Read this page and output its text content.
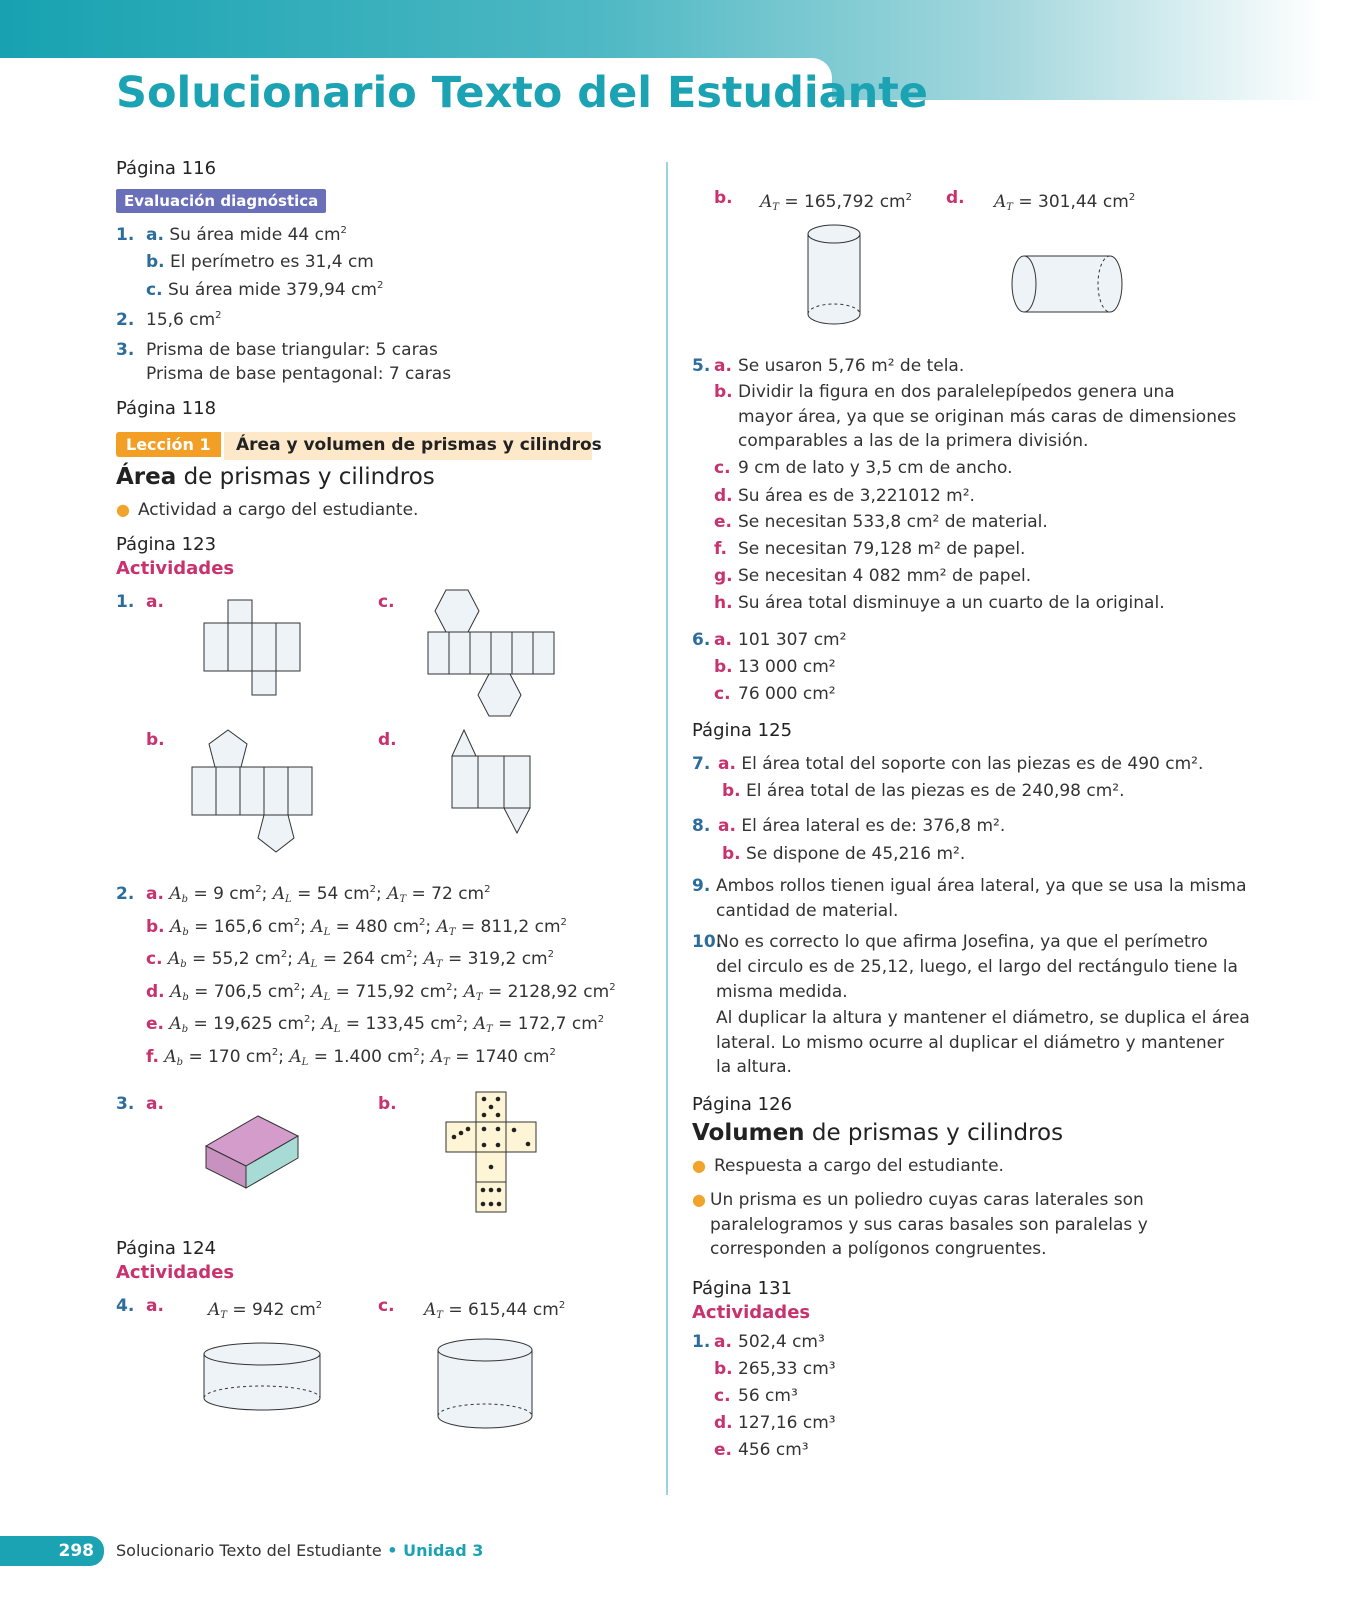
Solucionario Texto del Estudiante
Página 116
Evaluación diagnóstica
1. a. Su área mide 44 $cm^2$
b. El perímetro es 31,4 cm
c. Su área mide 379,94 $cm^2$
2. 15,6 $cm^2$
3. Prisma de base triangular: 5 caras
Prisma de base pentagonal: 7 caras
Página 118
Lección 1	Área y volumen de prismas y cilindros
Área de prismas y cilindros
● Actividad a cargo del estudiante.
Página 123
Actividades
1. a.	c.
b.	d.
2. a. $A_b = 9$ $cm^2$; $A_L = 54$ $cm^2$; $A_T = 72$ $cm^2$
b. $A_b = 165,6$ $cm^2$; $A_L = 480$ $cm^2$; $A_T = 811,2$ $cm^2$
c. $A_b = 55,2$ $cm^2$; $A_L = 264$ $cm^2$; $A_T = 319,2$ $cm^2$
d. $A_b = 706,5$ $cm^2$; $A_L = 715,92$ $cm^2$; $A_T = 2128,92$ $cm^2$
e. $A_b = 19,625$ $cm^2$; $A_L = 133,45$ $cm^2$; $A_T = 172,7$ $cm^2$
f. $A_b = 170$ $cm^2$; $A_L = 1.400$ $cm^2$; $A_T = 1740$ $cm^2$
3. a.	b.
Página 124
Actividades
4. a.	$A_T = 942$ $cm^2$	c. $A_T = 615,44$ $cm^2$
b. $A_T = 165,792$ $cm^2$ d. $A_T = 301,44$ $cm^2$
5. a. Se usaron 5,76 m² de tela.
b. Dividir la figura en dos paralelepípedos genera una
mayor área, ya que se originan más caras de dimensiones
comparables a las de la primera división.
c. 9 cm de lato y 3,5 cm de ancho.
d. Su área es de 3,221012 m².
e. Se necesitan 533,8 cm² de material.
f. Se necesitan 79,128 m² de papel.
g. Se necesitan 4 082 mm² de papel.
h. Su área total disminuye a un cuarto de la original.
6. a. 101 307 cm²
b. 13 000 cm²
c. 76 000 cm²
Página 125
7. a. El área total del soporte con las piezas es de 490 cm².
b. El área total de las piezas es de 240,98 cm².
8. a. El área lateral es de: 376,8 m².
b. Se dispone de 45,216 m².
9. Ambos rollos tienen igual área lateral, ya que se usa la misma
cantidad de material.
10.
No es correcto lo que afirma Josefina, ya que el perímetro
del circulo es de 25,12, luego, el largo del rectángulo tiene la
misma medida.
Al duplicar la altura y mantener el diámetro, se duplica el área
lateral. Lo mismo ocurre al duplicar el diámetro y mantener
la altura.
Página 126
Volumen de prismas y cilindros
● Respuesta a cargo del estudiante.
● Un prisma es un poliedro cuyas caras laterales son
paralelogramos y sus caras basales son paralelas y
corresponden a polígonos congruentes.
Página 131
Actividades
1. a. 502,4 cm³
b. 265,33 cm³
c. 56 cm³
d. 127,16 cm³
e. 456 cm³
298	Solucionario Texto del Estudiante • Unidad 3
